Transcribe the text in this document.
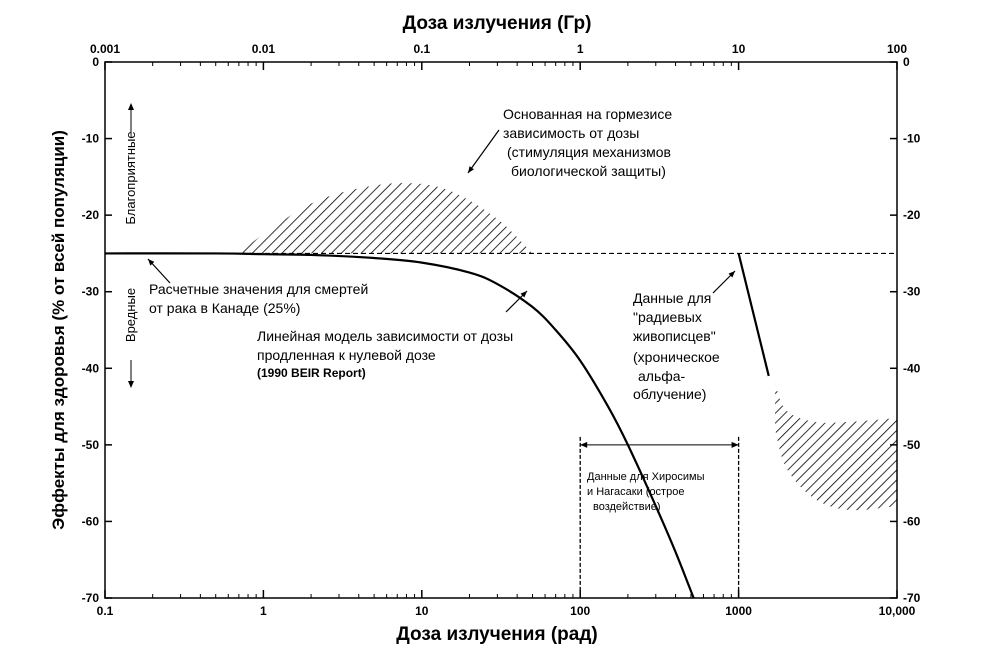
0.1	1	10	100	1000	10,000
0.001	0.01	0.1	1	10	100
0	0
-10	-10
-20	-20
-30	-30
-40	-40
-50	-50
-60	-60
-70	-70
Доза излучения (Гр)
Доза излучения (рад)
Эффекты для здоровья (% от всей популяции)	Благоприятные
Вредные
Основанная на гормезисе зависимость от дозы (стимуляция механизмов биологической защиты)
Расчетные значения для смертей от рака в Канаде (25%)
Линейная модель зависимости от дозы продленная к нулевой дозе
(1990 BEIR Report)
Данные для "радиевых живописцев" (хроническое альфа- облучение)
Данные для Хиросимы и Нагасаки (острое воздействие)
